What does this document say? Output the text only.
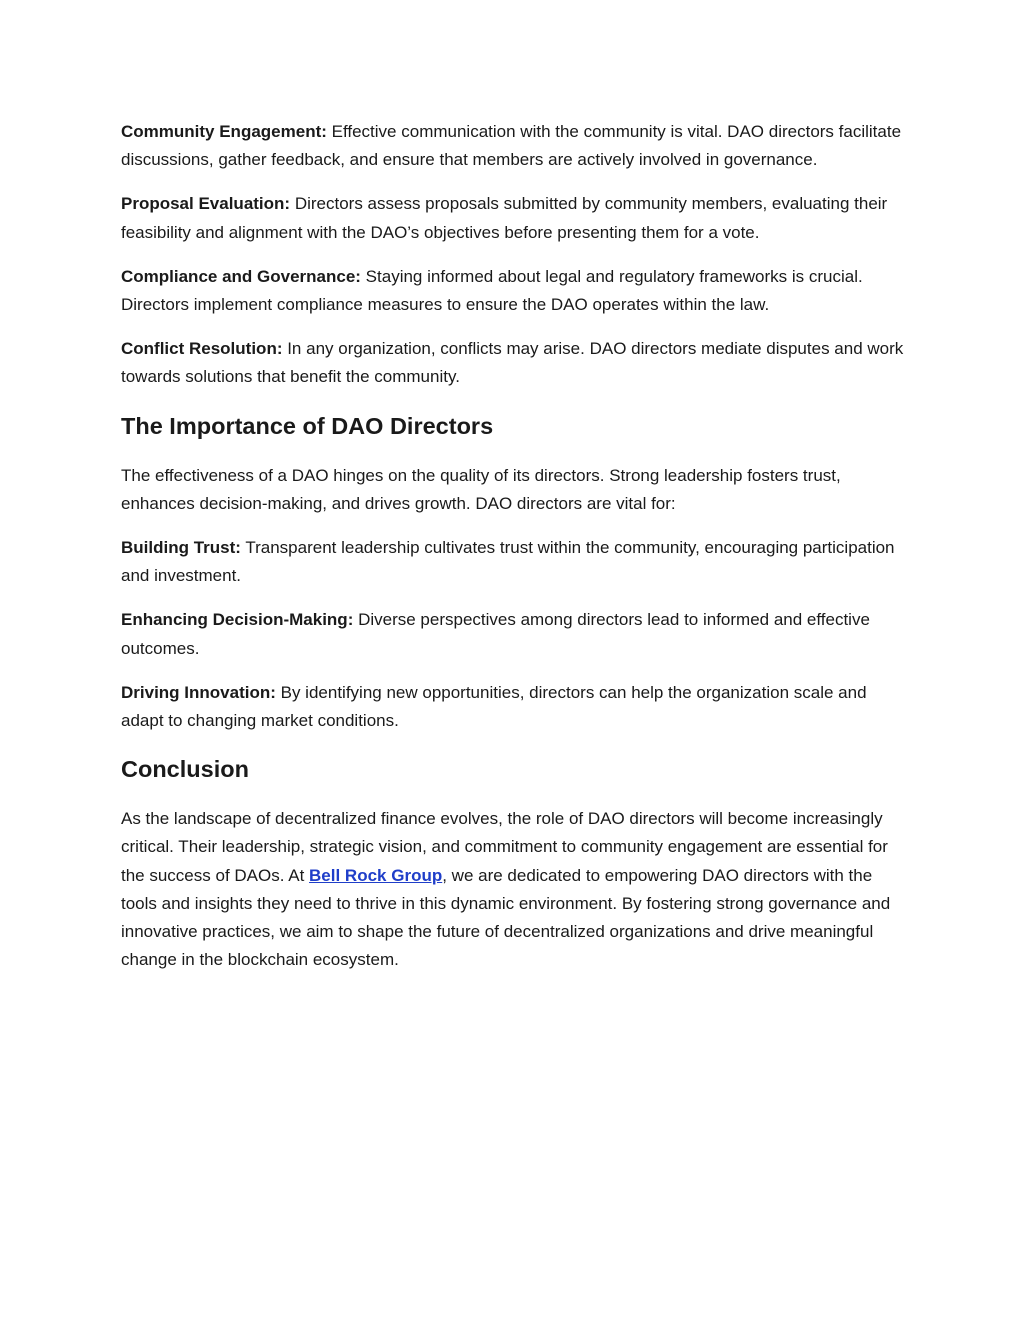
Community Engagement: Effective communication with the community is vital. DAO directors facilitate discussions, gather feedback, and ensure that members are actively involved in governance.

Proposal Evaluation: Directors assess proposals submitted by community members, evaluating their feasibility and alignment with the DAO’s objectives before presenting them for a vote.

Compliance and Governance: Staying informed about legal and regulatory frameworks is crucial. Directors implement compliance measures to ensure the DAO operates within the law.

Conflict Resolution: In any organization, conflicts may arise. DAO directors mediate disputes and work towards solutions that benefit the community.

The Importance of DAO Directors

The effectiveness of a DAO hinges on the quality of its directors. Strong leadership fosters trust, enhances decision-making, and drives growth. DAO directors are vital for:

Building Trust: Transparent leadership cultivates trust within the community, encouraging participation and investment.

Enhancing Decision-Making: Diverse perspectives among directors lead to informed and effective outcomes.

Driving Innovation: By identifying new opportunities, directors can help the organization scale and adapt to changing market conditions.

Conclusion

As the landscape of decentralized finance evolves, the role of DAO directors will become increasingly critical. Their leadership, strategic vision, and commitment to community engagement are essential for the success of DAOs. At Bell Rock Group, we are dedicated to empowering DAO directors with the tools and insights they need to thrive in this dynamic environment. By fostering strong governance and innovative practices, we aim to shape the future of decentralized organizations and drive meaningful change in the blockchain ecosystem.
